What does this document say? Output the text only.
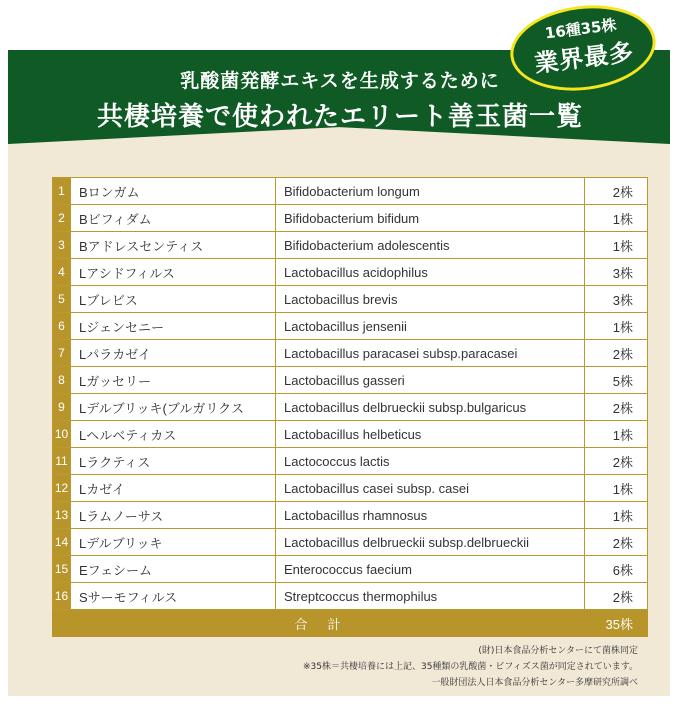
乳酸菌発酵エキスを生成するために
共棲培養で使われたエリート善玉菌一覧
16種35株
業界最多
1	Bロンガム	Bifidobacterium longum	2株
2	Bビフィダム	Bifidobacterium bifidum	1株
3	Bアドレスセンティス	Bifidobacterium adolescentis	1株
4	Lアシドフィルス	Lactobacillus acidophilus	3株
5	Lブレビス	Lactobacillus brevis	3株
6	Lジェンセニー	Lactobacillus jensenii	1株
7	Lパラカゼイ	Lactobacillus paracasei subsp.paracasei	2株
8	Lガッセリー	Lactobacillus gasseri	5株
9	Lデルブリッキ(ブルガリクス	Lactobacillus delbrueckii subsp.bulgaricus	2株
10	Lヘルベティカス	Lactobacillus helbeticus	1株
11	Lラクティス	Lactococcus lactis	2株
12	Lカゼイ	Lactobacillus casei subsp. casei	1株
13	Lラムノーサス	Lactobacillus rhamnosus	1株
14	Lデルブリッキ	Lactobacillus delbrueckii subsp.delbrueckii	2株
15	Eフェシーム	Enterococcus faecium	6株
16	Sサーモフィルス	Streptcoccus thermophilus	2株
	合計		35株
(財)日本食品分析センターにて菌株同定
※35株＝共棲培養には上記、35種類の乳酸菌・ビフィズス菌が同定されています。
一般財団法人日本食品分析センター多摩研究所調べ
